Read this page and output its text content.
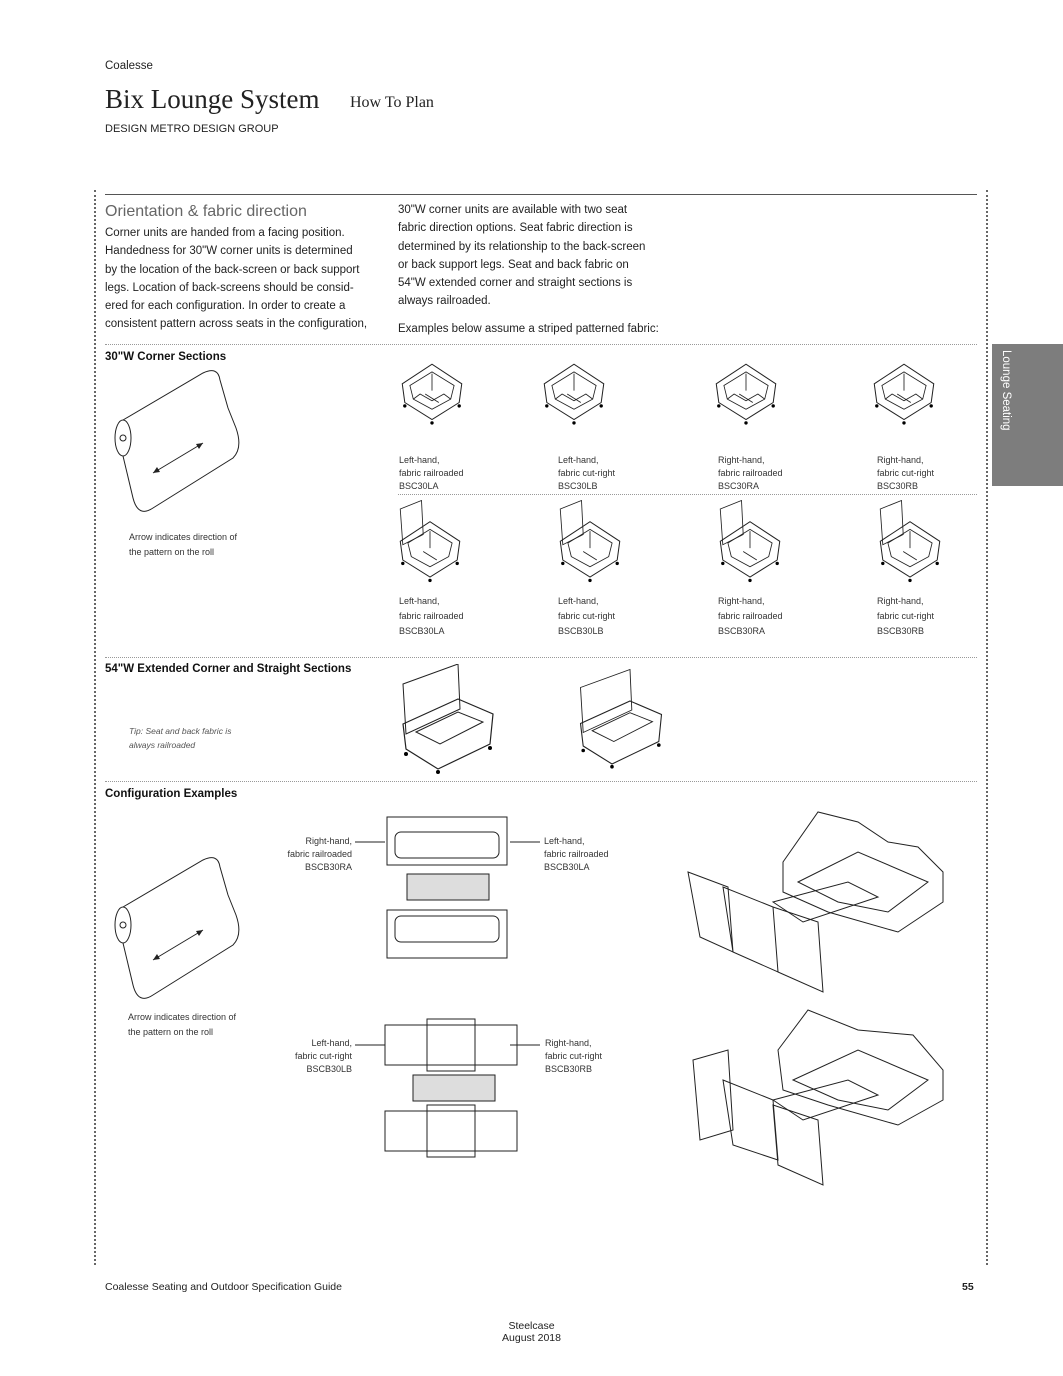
Coalesse
Bix Lounge System How To Plan
DESIGN METRO DESIGN GROUP
Lounge Seating
Orientation & fabric direction
Corner units are handed from a facing position.
Handedness for 30"W corner units is determined
by the location of the back-screen or back support
legs. Location of back-screens should be consid-
ered for each configuration. In order to create a
consistent pattern across seats in the configuration,
30"W corner units are available with two seat
fabric direction options. Seat fabric direction is
determined by its relationship to the back-screen
or back support legs. Seat and back fabric on
54"W extended corner and straight sections is
always railroaded.
Examples below assume a striped patterned fabric:
30"W Corner Sections
Arrow indicates direction of
the pattern on the roll
Left-hand,
fabric railroaded
BSC30LA
Left-hand,
fabric cut-right
BSC30LB
Right-hand,
fabric railroaded
BSC30RA
Right-hand,
fabric cut-right
BSC30RB
Left-hand,
fabric railroaded
BSCB30LA
Left-hand,
fabric cut-right
BSCB30LB
Right-hand,
fabric railroaded
BSCB30RA
Right-hand,
fabric cut-right
BSCB30RB
54"W Extended Corner and Straight Sections
Tip: Seat and back fabric is
always railroaded
Configuration Examples
Arrow indicates direction of
the pattern on the roll
Right-hand,
fabric railroaded
BSCB30RA
Left-hand,
fabric railroaded
BSCB30LA
Left-hand,
fabric cut-right
BSCB30LB
Right-hand,
fabric cut-right
BSCB30RB
Coalesse Seating and Outdoor Specification Guide	55
Steelcase
August 2018
